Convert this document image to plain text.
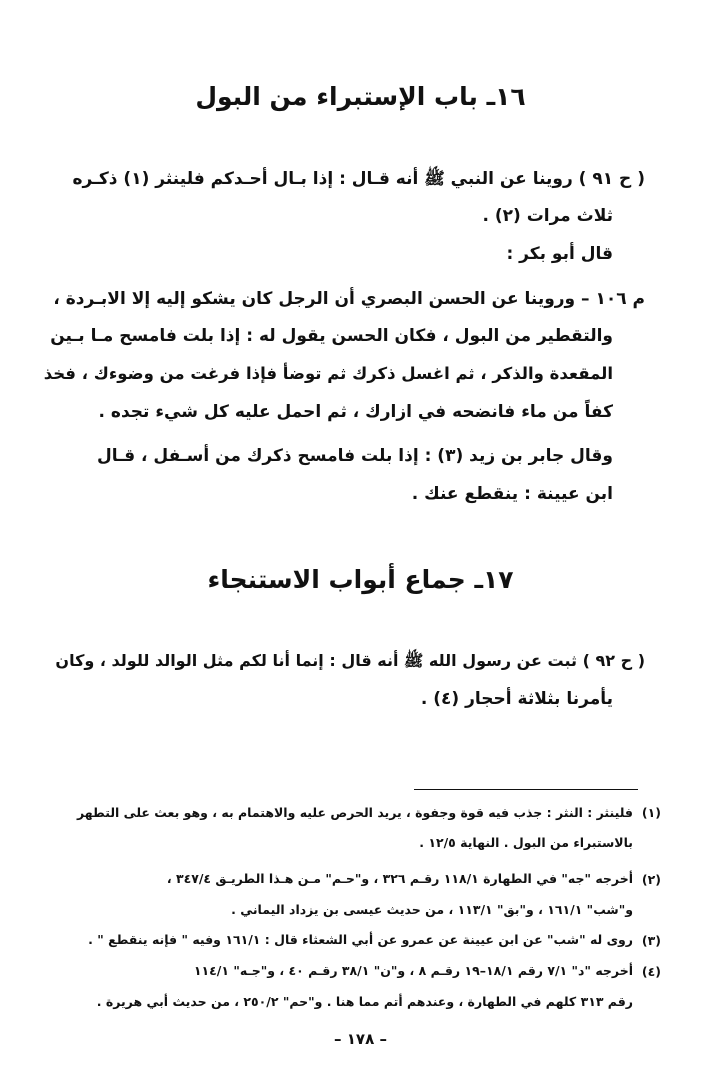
١٦ـ باب الإستبراء من البول
( ح ٩١ ) روينا عن النبي ﷺ أنه قـال : إذا بـال أحـدكم فلينثر (١) ذكـره
ثلاث مرات (٢) .
قال أبو بكر :
م ١٠٦ – وروينا عن الحسن البصري أن الرجل كان يشكو إليه إلا الابـردة ،
والتقطير من البول ، فكان الحسن يقول له : إذا بلت فامسح مـا بـين
المقعدة والذكر ، ثم اغسل ذكرك ثم توضأ فإذا فرغت من وضوءك ، فخذ
كفاً من ماء فانضحه في ازارك ، ثم احمل عليه كل شيء تجده .
وقال جابر بن زيد (٣) : إذا بلت فامسح ذكرك من أسـفل ، قـال
ابن عيينة : ينقطع عنك .
١٧ـ جماع أبواب الاستنجاء
( ح ٩٢ ) ثبت عن رسول الله ﷺ أنه قال : إنما أنا لكم مثل الوالد للولد ، وكان
يأمرنا بثلاثة أحجار (٤) .
(١)
فلينثر : النثر : جذب فيه قوة وجفوة ، يريد الحرص عليه والاهتمام به ، وهو بعث على التطهر
بالاستبراء من البول . النهاية ١٢/٥ .
(٢)
أخرجه "جه" في الطهارة ١١٨/١ رقـم ٣٢٦ ، و"حـم" مـن هـذا الطريـق ٣٤٧/٤ ،
و"شب" ١٦١/١ ، و"بق" ١١٣/١ ، من حديث عيسى بن يزداد اليماني .
(٣)
روى له "شب" عن ابن عيينة عن عمرو عن أبي الشعثاء قال : ١٦١/١ وفيه " فإنه ينقطع " .
(٤)
أخرجه "د" ٧/١ رقم ١٨/١–١٩ رقـم ٨ ، و"ن" ٣٨/١ رقـم ٤٠ ، و"جـه" ١١٤/١
رقم ٣١٣ كلهم في الطهارة ، وعندهم أتم مما هنا . و"حم" ٢٥٠/٢ ، من حديث أبي هريرة .
– ١٧٨ –
